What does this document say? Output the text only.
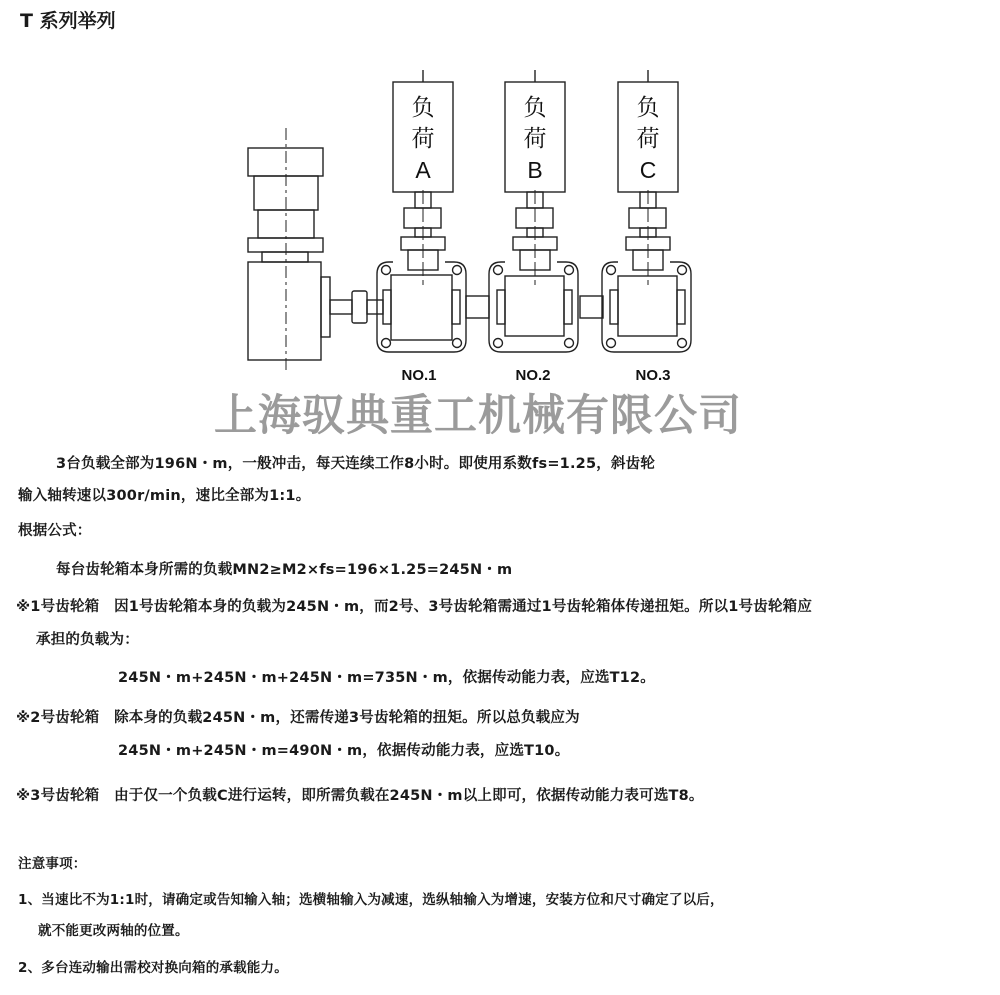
T 系列举列
负
荷
A
负
荷
B
负
荷
C
NO.1	NO.2	NO.3
上海驭典重工机械有限公司
3台负载全部为196N・m，一般冲击，每天连续工作8小时。即使用系数fs=1.25，斜齿轮
输入轴转速以300r/min，速比全部为1:1。
根据公式：
每台齿轮箱本身所需的负载MN2≥M2×fs=196×1.25=245N・m
※1号齿轮箱　因1号齿轮箱本身的负载为245N・m，而2号、3号齿轮箱需通过1号齿轮箱体传递扭矩。所以1号齿轮箱应
承担的负载为：
245N・m+245N・m+245N・m=735N・m，依据传动能力表，应选T12。
※2号齿轮箱　除本身的负载245N・m，还需传递3号齿轮箱的扭矩。所以总负载应为
245N・m+245N・m=490N・m，依据传动能力表，应选T10。
※3号齿轮箱　由于仅一个负载C进行运转，即所需负载在245N・m以上即可，依据传动能力表可选T8。
注意事项：
1、当速比不为1:1时，请确定或告知输入轴；选横轴输入为减速，选纵轴输入为增速，安装方位和尺寸确定了以后，
就不能更改两轴的位置。
2、多台连动输出需校对换向箱的承载能力。
